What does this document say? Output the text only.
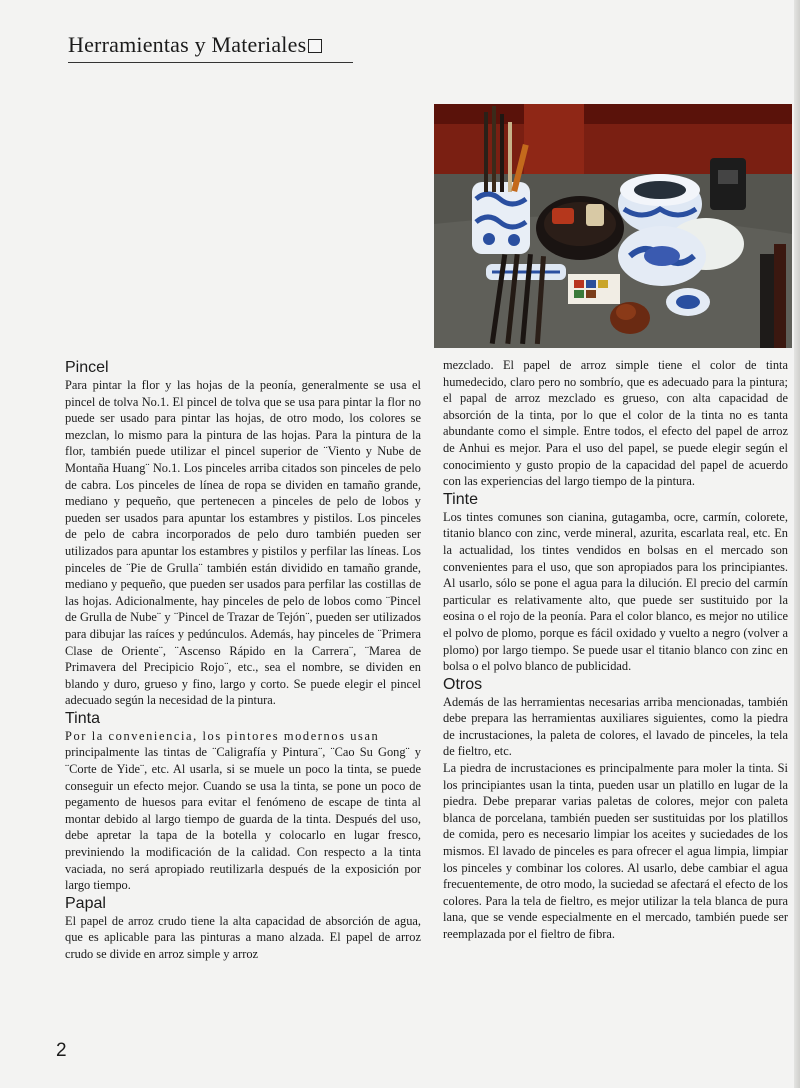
Herramientas y Materiales
Pincel

Para pintar la flor y las hojas de la peonía, generalmente se usa el pincel de tolva No.1. El pincel de tolva que se usa para pintar la flor no puede ser usado para pintar las hojas, de otro modo, los colores se mezclan, lo mismo para la pintura de las hojas. Para la pintura de la flor, también puede utilizar el pincel superior de ¨Viento y Nube de Montaña Huang¨ No.1. Los pinceles arriba citados son pinceles de pelo de cabra. Los pinceles de línea de ropa se dividen en tamaño grande, mediano y pequeño, que pertenecen a pinceles de pelo de lobos y pueden ser usados para apuntar los estambres y pistilos. Los pinceles de pelo de cabra incorporados de pelo duro también pueden ser utilizados para apuntar los estambres y pistilos y perfilar las líneas. Los pinceles de ¨Pie de Grulla¨ también están dividido en tamaño grande, mediano y pequeño, que pueden ser usados para perfilar las costillas de las hojas. Adicionalmente, hay pinceles de pelo de lobos como ¨Pincel de Grulla de Nube¨ y ¨Pincel de Trazar de Tejón¨, pueden ser utilizados para dibujar las raíces y pedúnculos. Además, hay pinceles de ¨Primera Clase de Oriente¨, ¨Ascenso Rápido en la Carrera¨, ¨Marea de Primavera del Precipicio Rojo¨, etc., sea el nombre, se dividen en blando y duro, grueso y fino, largo y corto. Se puede elegir el pincel adecuado según la necesidad de la pintura.

Tinta

Por la conveniencia, los pintores modernos usan

principalmente las tintas de ¨Caligrafía y Pintura¨, ¨Cao Su Gong¨ y ¨Corte de Yide¨, etc. Al usarla, si se muele un poco la tinta, se puede conseguir un efecto mejor. Cuando se usa la tinta, se pone un poco de pegamento de huesos para evitar el fenómeno de escape de tinta al montar debido al largo tiempo de guarda de la tinta. Después del uso, debe apretar la tapa de la botella y colocarlo en lugar fresco, previniendo la modificación de la calidad. Con respecto a la tinta vaciada, no será apropiado reutilizarla después de la exposición por largo tiempo.

Papal

El papel de arroz crudo tiene la alta capacidad de absorción de agua, que es aplicable para las pinturas a mano alzada. El papel de arroz crudo se divide en arroz simple y arroz

mezclado. El papel de arroz simple tiene el color de tinta humedecido, claro pero no sombrío, que es adecuado para la pintura; el papal de arroz mezclado es grueso, con alta capacidad de absorción de la tinta, por lo que el color de la tinta no es tanta abundante como el simple. Entre todos, el efecto del papel de arroz de Anhui es mejor. Para el uso del papel, se puede elegir según el conocimiento y gusto propio de la capacidad del papel de acuerdo con las experiencias del largo tiempo de la pintura.

Tinte

Los tintes comunes son cianina, gutagamba, ocre, carmín, colorete, titanio blanco con zinc, verde mineral, azurita, escarlata real, etc. En la actualidad, los tintes vendidos en bolsas en el mercado son convenientes para el uso, que son apropiados para los principiantes. Al usarlo, sólo se pone el agua para la dilución. El precio del carmín particular es relativamente alto, que puede ser sustituido por la eosina o el rojo de la peonía. Para el color blanco, es mejor no utilice el polvo de plomo, porque es fácil oxidado y vuelto a negro (volver a plomo) por largo tiempo. Se puede usar el titanio blanco con zinc en bolsa o el polvo blanco de publicidad.

Otros

Además de las herramientas necesarias arriba mencionadas, también debe prepara las herramientas auxiliares siguientes, como la piedra de incrustaciones, la paleta de colores, el lavado de pinceles, la tela de fieltro, etc.

La piedra de incrustaciones es principalmente para moler la tinta. Si los principiantes usan la tinta, pueden usar un platillo en lugar de la piedra. Debe preparar varias paletas de colores, mejor con paleta blanca de porcelana, también pueden ser sustituidas por los platillos de comida, pero es necesario limpiar los aceites y suciedades de los mismos. El lavado de pinceles es para ofrecer el agua limpia, limpiar los pinceles y combinar los colores. Al usarlo, debe cambiar el agua frecuentemente, de otro modo, la suciedad se afectará el efecto de los colores. Para la tela de fieltro, es mejor utilizar la tela blanca de pura lana, que se vende especialmente en el mercado, también puede ser reemplazada por el fieltro de fibra.

2
